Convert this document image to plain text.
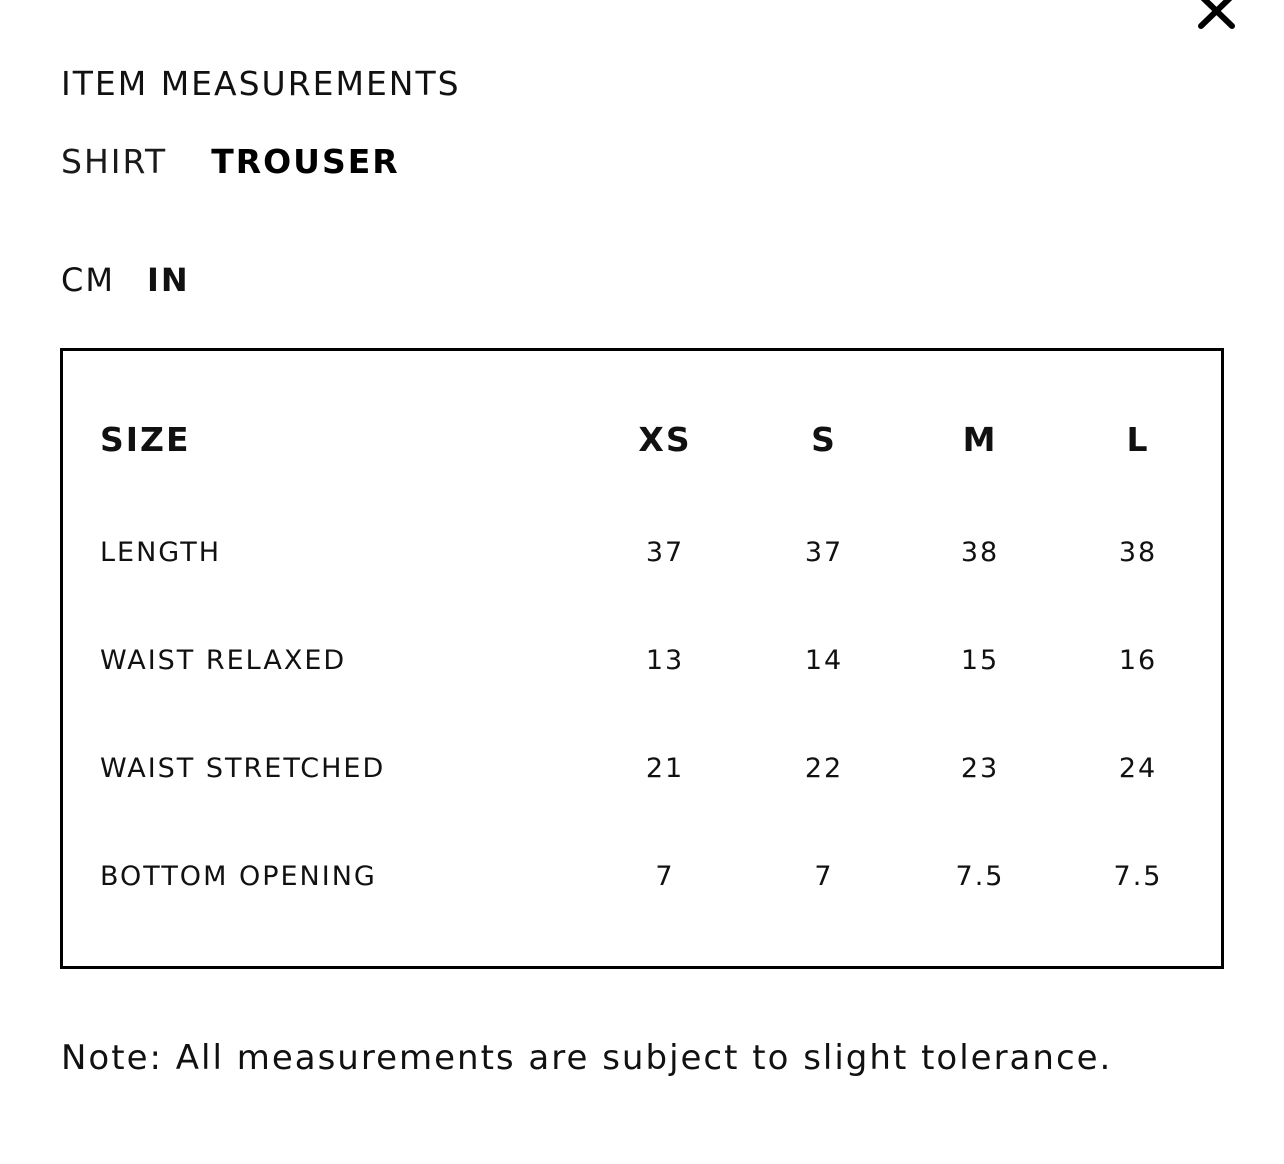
ITEM MEASUREMENTS
SHIRT TROUSER
CM IN
SIZE	XS	S	M	L
LENGTH	37	37	38	38
WAIST RELAXED	13	14	15	16
WAIST STRETCHED	21	22	23	24
BOTTOM OPENING	7	7	7.5	7.5
Note: All measurements are subject to slight tolerance.
